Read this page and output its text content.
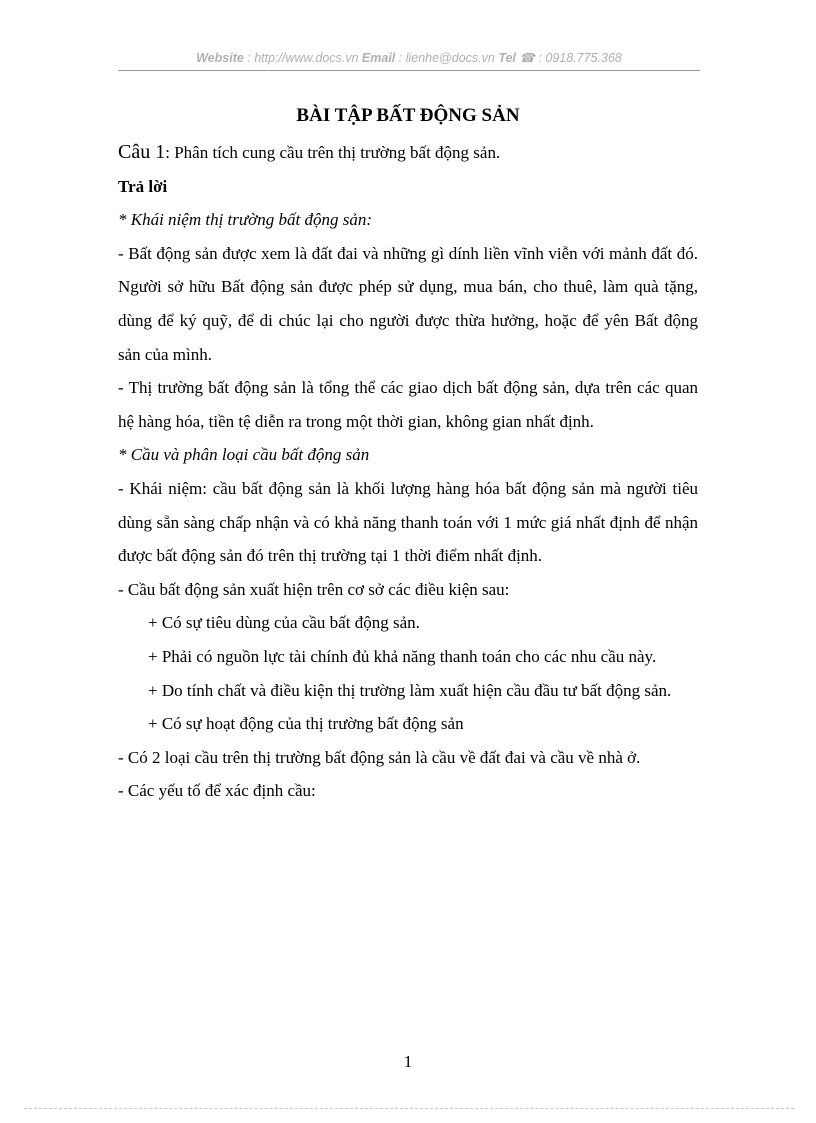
Website : http://www.docs.vn Email : lienhe@docs.vn Tel ☎ : 0918.775.368

BÀI TẬP BẤT ĐỘNG SẢN

Câu 1: Phân tích cung cầu trên thị trường bất động sản.

Trả lời

* Khái niệm thị trường bất động sản:

- Bất động sản được xem là đất đai và những gì dính liền vĩnh viễn với mảnh đất đó. Người sở hữu Bất động sản được phép sử dụng, mua bán, cho thuê, làm quà tặng, dùng để ký quỹ, để di chúc lại cho người được thừa hưởng, hoặc để yên Bất động sản của mình.

- Thị trường bất động sản là tổng thể các giao dịch bất động sản, dựa trên các quan hệ hàng hóa, tiền tệ diễn ra trong một thời gian, không gian nhất định.

* Cầu và phân loại cầu bất động sản

- Khái niệm: cầu bất động sản là khối lượng hàng hóa bất động sản mà người tiêu dùng sẵn sàng chấp nhận và có khả năng thanh toán với 1 mức giá nhất định để nhận được bất động sản đó trên thị trường tại 1 thời điểm nhất định.

- Cầu bất động sản xuất hiện trên cơ sở các điều kiện sau:

+ Có sự tiêu dùng của cầu bất động sản.

+ Phải có nguồn lực tài chính đủ khả năng thanh toán cho các nhu cầu này.

+ Do tính chất và điều kiện thị trường làm xuất hiện cầu đầu tư bất động sản.

+ Có sự hoạt động của thị trường bất động sản

- Có 2 loại cầu trên thị trường bất động sản là cầu về đất đai và cầu về nhà ở.

- Các yếu tố để xác định cầu:

1
